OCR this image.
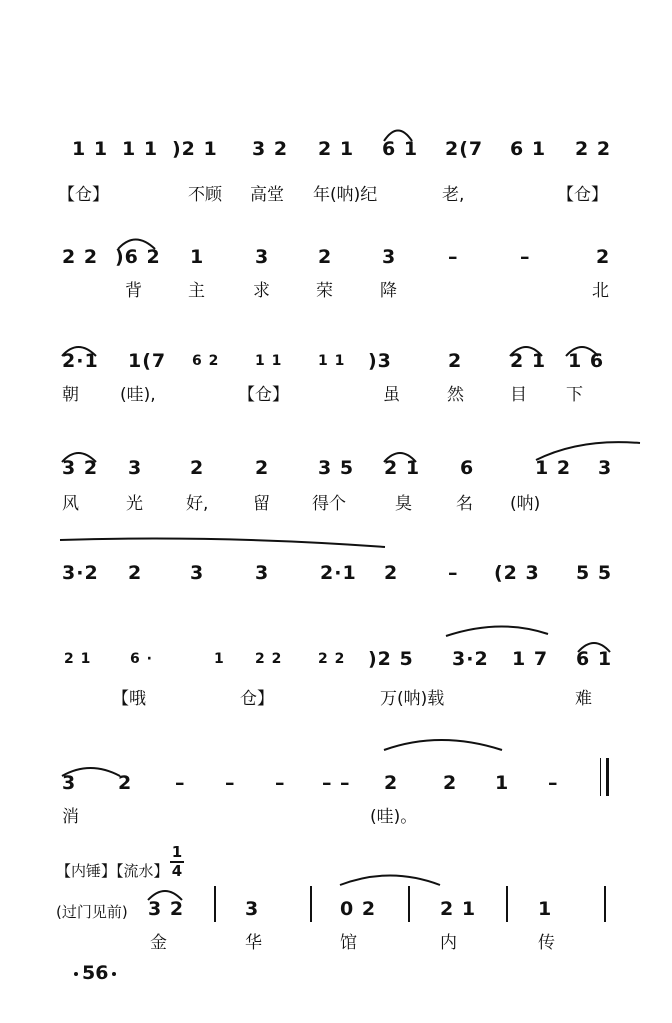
1 1 1 1 )2 1 3 2 2 1 6 1 2(7 6 1 2 2
【仓】	不顾 高堂 年(呐)纪	老,	【仓】
2 2 )6 2 1	3	2	3	–	–	2
背	主	求	荣	降	北
2·1 1(7 6 2	1 1	1 1 )3	2	2 1 1 6
朝 (哇),	【仓】	虽	然	目 下
3 2 3	2	2	3 5 2 1 6	1 2 3
风	光	好,	留 得个	臭	名 (呐)
3·2 2	3	3	2·1 2	– (2 3 5 5
2 1	6 ·	1 2 2	2 2 )2 5 3·2 1 7 6 1
【哦	仓】	万(呐)载	难
3 2 – – – – – 2 2 1 –
消	(哇)。
【内锤】【流水】
1
4
(过门见前) 3 2	3	0 2	2 1	1
金	华	馆	内	传
56
